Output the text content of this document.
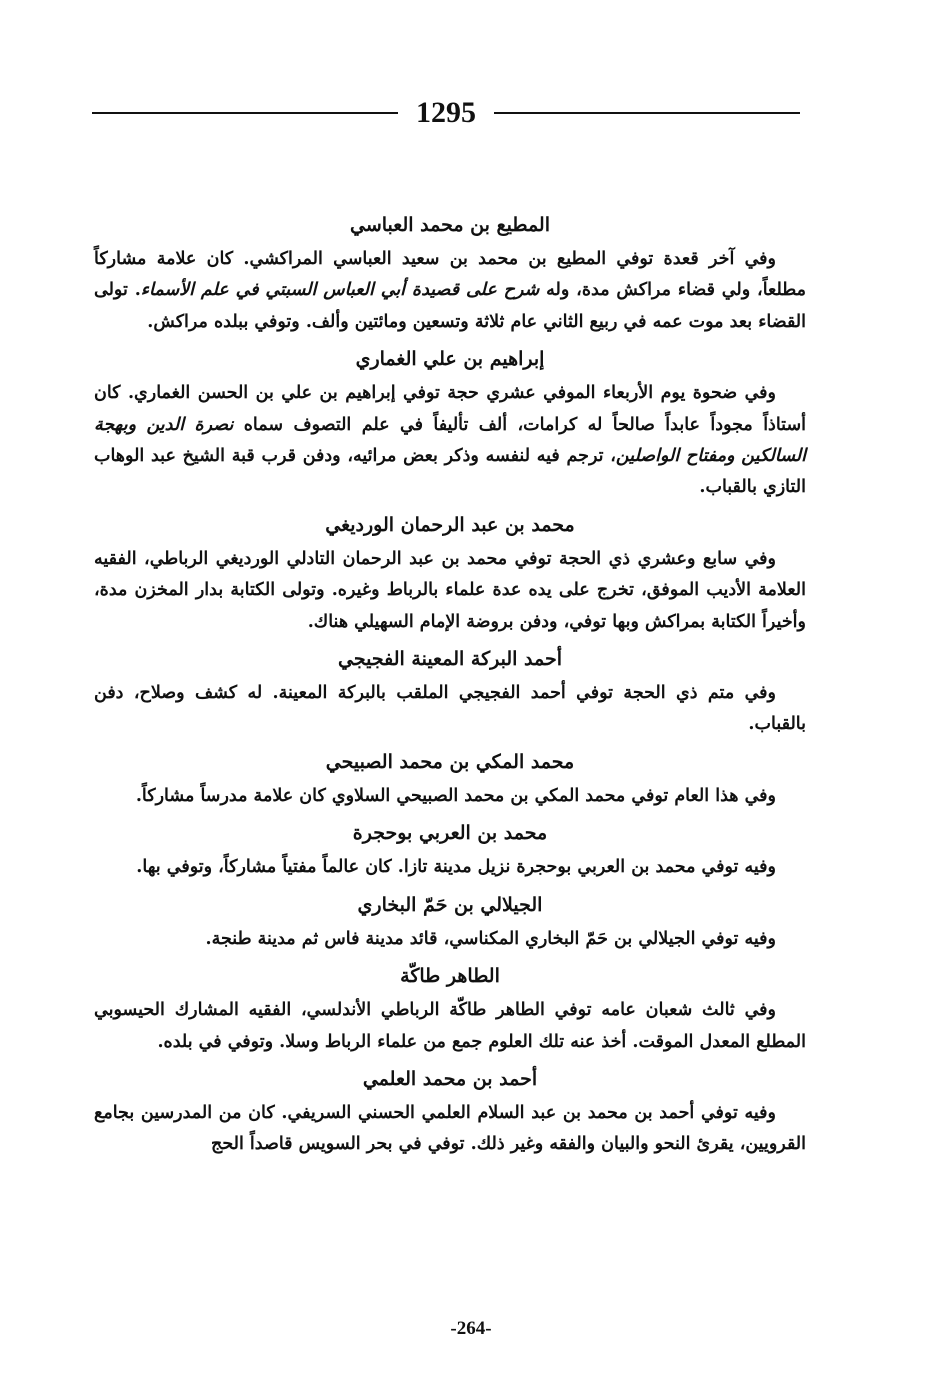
1295
المطيع بن محمد العباسي

وفي آخر قعدة توفي المطيع بن محمد بن سعيد العباسي المراكشي. كان علامة مشاركاً مطلعاً، ولي قضاء مراكش مدة، وله شرح على قصيدة أبي العباس السبتي في علم الأسماء. تولى القضاء بعد موت عمه في ربيع الثاني عام ثلاثة وتسعين ومائتين وألف. وتوفي ببلده مراكش.

إبراهيم بن علي الغماري

وفي ضحوة يوم الأربعاء الموفي عشري حجة توفي إبراهيم بن علي بن الحسن الغماري. كان أستاذاً مجوداً عابداً صالحاً له كرامات، ألف تأليفاً في علم التصوف سماه نصرة الدين وبهجة السالكين ومفتاح الواصلين، ترجم فيه لنفسه وذكر بعض مرائيه، ودفن قرب قبة الشيخ عبد الوهاب التازي بالقباب.

محمد بن عبد الرحمان الورديغي

وفي سابع وعشري ذي الحجة توفي محمد بن عبد الرحمان التادلي الورديغي الرباطي، الفقيه العلامة الأديب الموفق، تخرج على يده عدة علماء بالرباط وغيره. وتولى الكتابة بدار المخزن مدة، وأخيراً الكتابة بمراكش وبها توفي، ودفن بروضة الإمام السهيلي هناك.

أحمد البركة المعينة الفجيجي

وفي متم ذي الحجة توفي أحمد الفجيجي الملقب بالبركة المعينة. له كشف وصلاح، دفن بالقباب.

محمد المكي بن محمد الصبيحي

وفي هذا العام توفي محمد المكي بن محمد الصبيحي السلاوي كان علامة مدرساً مشاركاً.

محمد بن العربي بوحجرة

وفيه توفي محمد بن العربي بوحجرة نزيل مدينة تازا. كان عالماً مفتياً مشاركاً، وتوفي بها.

الجيلالي بن حَمّ البخاري

وفيه توفي الجيلالي بن حَمّ البخاري المكناسي، قائد مدينة فاس ثم مدينة طنجة.

الطاهر طاكّة

وفي ثالث شعبان عامه توفي الطاهر طاكّة الرباطي الأندلسي، الفقيه المشارك الحيسوبي المطلع المعدل الموقت. أخذ عنه تلك العلوم جمع من علماء الرباط وسلا. وتوفي في بلده.

أحمد بن محمد العلمي

وفيه توفي أحمد بن محمد بن عبد السلام العلمي الحسني السريفي. كان من المدرسين بجامع القرويين، يقرئ النحو والبيان والفقه وغير ذلك. توفي في بحر السويس قاصداً الحج

-264-
